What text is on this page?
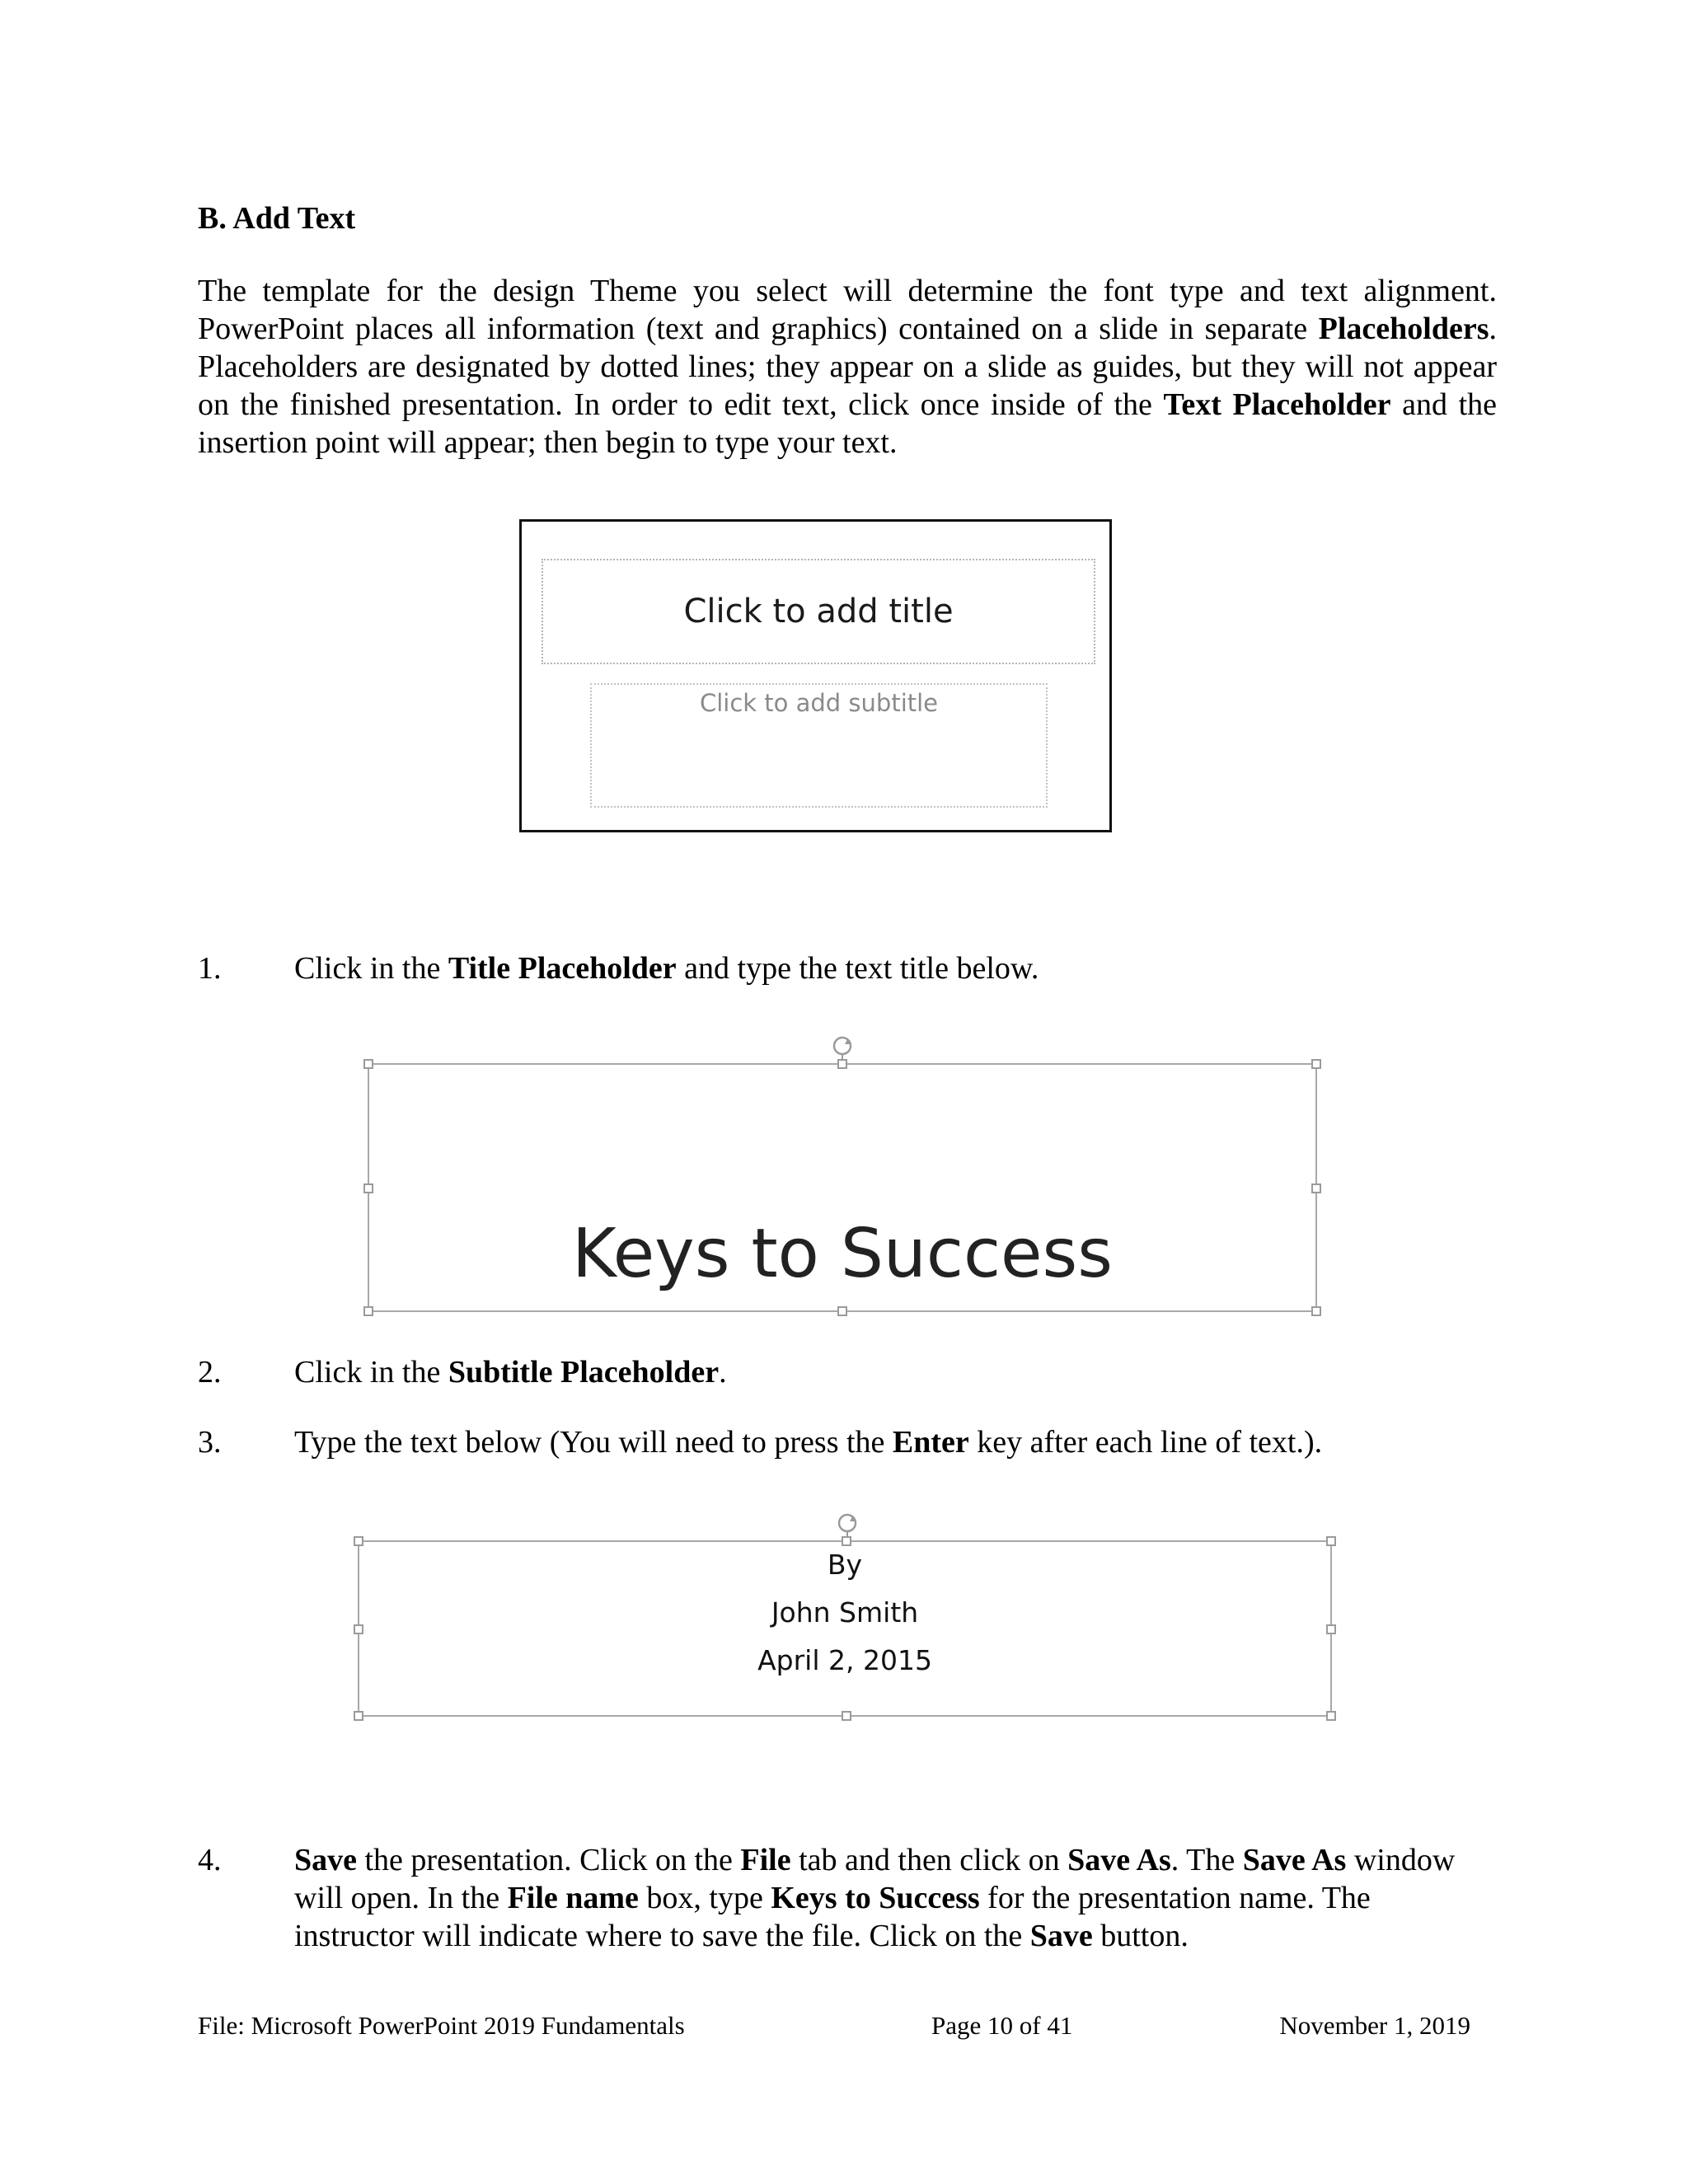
B. Add Text
The template for the design Theme you select will determine the font type and text alignment.
PowerPoint places all information (text and graphics) contained on a slide in separate Placeholders.
Placeholders are designated by dotted lines; they appear on a slide as guides, but they will not appear
on the finished presentation. In order to edit text, click once inside of the Text Placeholder and the
insertion point will appear; then begin to type your text.
Click to add title
Click to add subtitle
1. Click in the Title Placeholder and type the text title below.
Keys to Success
2. Click in the Subtitle Placeholder.
3. Type the text below (You will need to press the Enter key after each line of text.).
By
John Smith
April 2, 2015
4. Save the presentation. Click on the File tab and then click on Save As. The Save As window will open. In the File name box, type Keys to Success for the presentation name. The instructor will indicate where to save the file. Click on the Save button.
File: Microsoft PowerPoint 2019 Fundamentals	Page 10 of 41	November 1, 2019
